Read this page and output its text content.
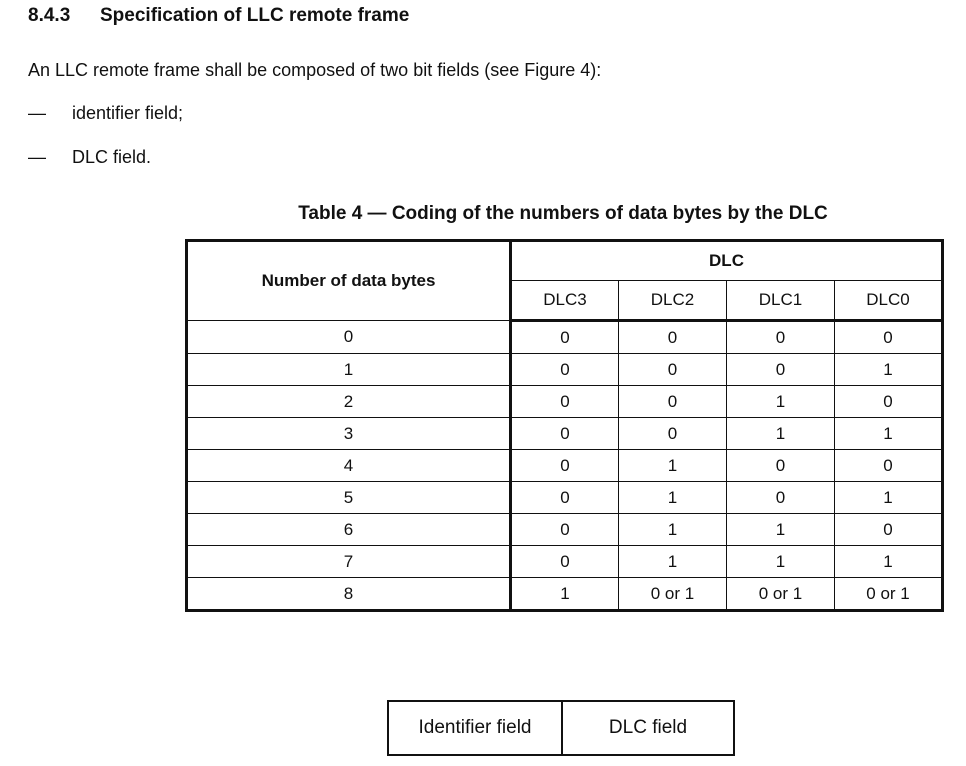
8.4.3 Specification of LLC remote frame
An LLC remote frame shall be composed of two bit fields (see Figure 4):
— identifier field;
— DLC field.
Table 4 — Coding of the numbers of data bytes by the DLC
Number of data bytes	DLC			
	DLC3	DLC2	DLC1	DLC0
0	0	0	0	0
1	0	0	0	1
2	0	0	1	0
3	0	0	1	1
4	0	1	0	0
5	0	1	0	1
6	0	1	1	0
7	0	1	1	1
8	1	0 or 1	0 or 1	0 or 1
Identifier field	DLC field
